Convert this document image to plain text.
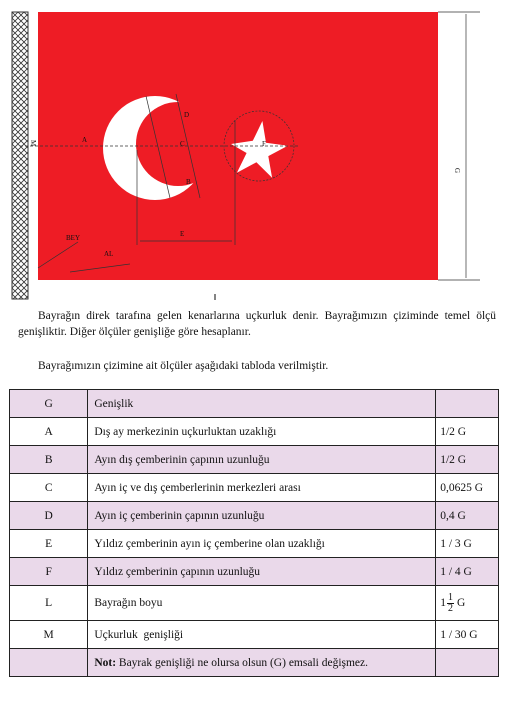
M	A
D
C
B
E
F
G
BEY
AL

Bayrağın direk tarafına gelen kenarlarına uçkurluk denir. Bayrağımızın çiziminde temel ölçü genişliktir. Diğer ölçüler genişliğe göre hesaplanır.

Bayrağımızın çizimine ait ölçüler aşağıdaki tabloda verilmiştir.

G	Genişlik	
A	Dış ay merkezinin uçkurluktan uzaklığı	1/2 G
B	Ayın dış çemberinin çapının uzunluğu	1/2 G
C	Ayın iç ve dış çemberlerinin merkezleri arası	0,0625 G
D	Ayın iç çemberinin çapının uzunluğu	0,4 G
E	Yıldız çemberinin ayın iç çemberine olan uzaklığı	1 / 3 G
F	Yıldız çemberinin çapının uzunluğu	1 / 4 G
L	Bayrağın boyu	$1 \frac{1}{2}$ G
M	Uçkurluk  genişliği	1 / 30 G
	Not: Bayrak genişliği ne olursa olsun (G) emsali değişmez.	
